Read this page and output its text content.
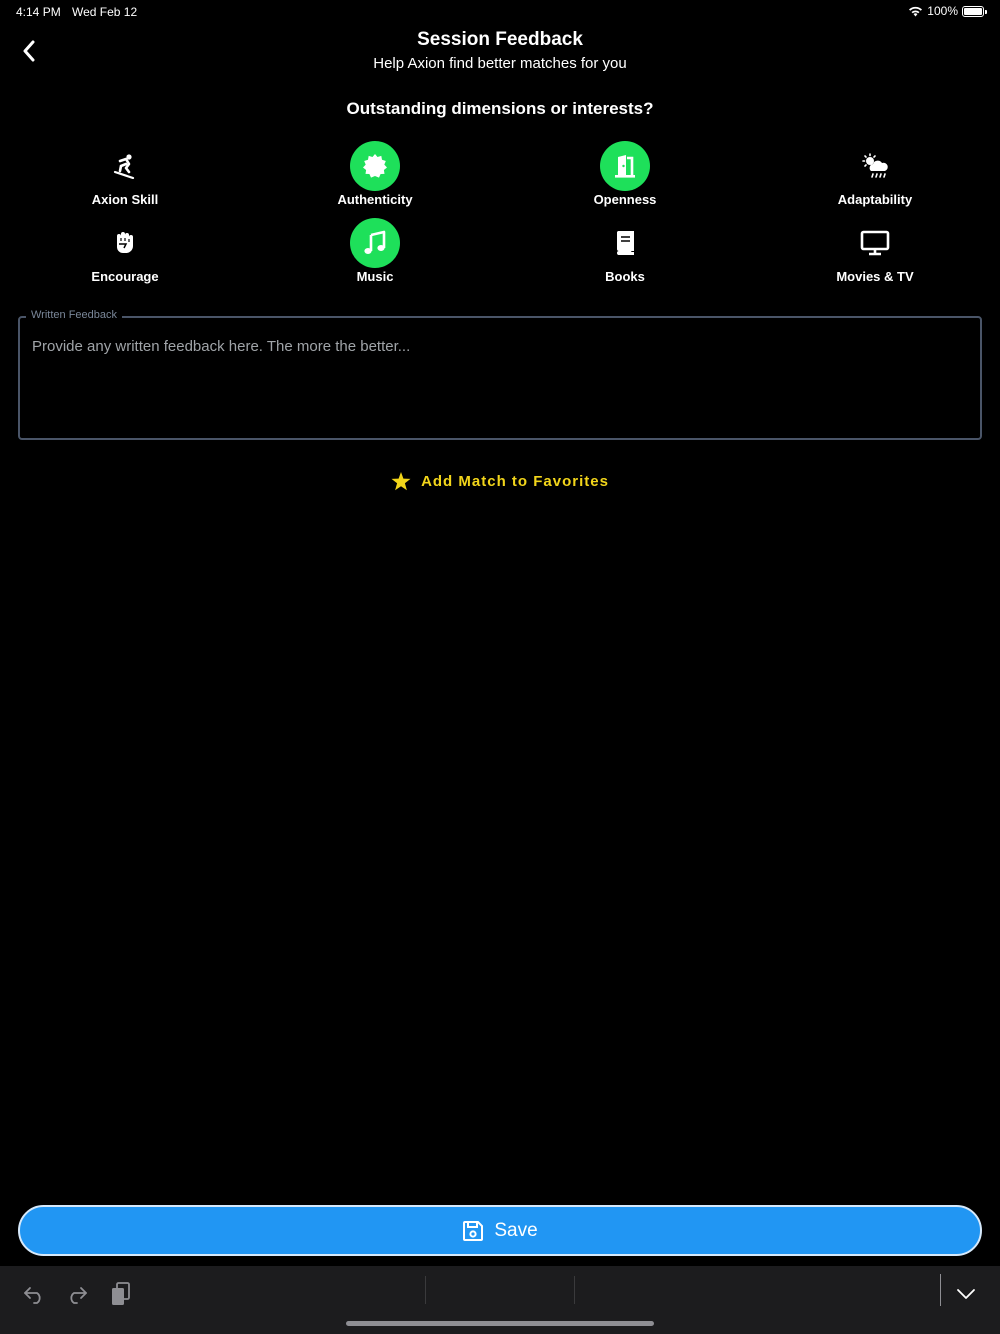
4:14 PM Wed Feb 12	100%
Session Feedback
Help Axion find better matches for you
Outstanding dimensions or interests?
Axion Skill	Authenticity	Openness	Adaptability
Encourage	Music	Books	Movies & TV
Written Feedback
Provide any written feedback here. The more the better...
Add Match to Favorites
Save
